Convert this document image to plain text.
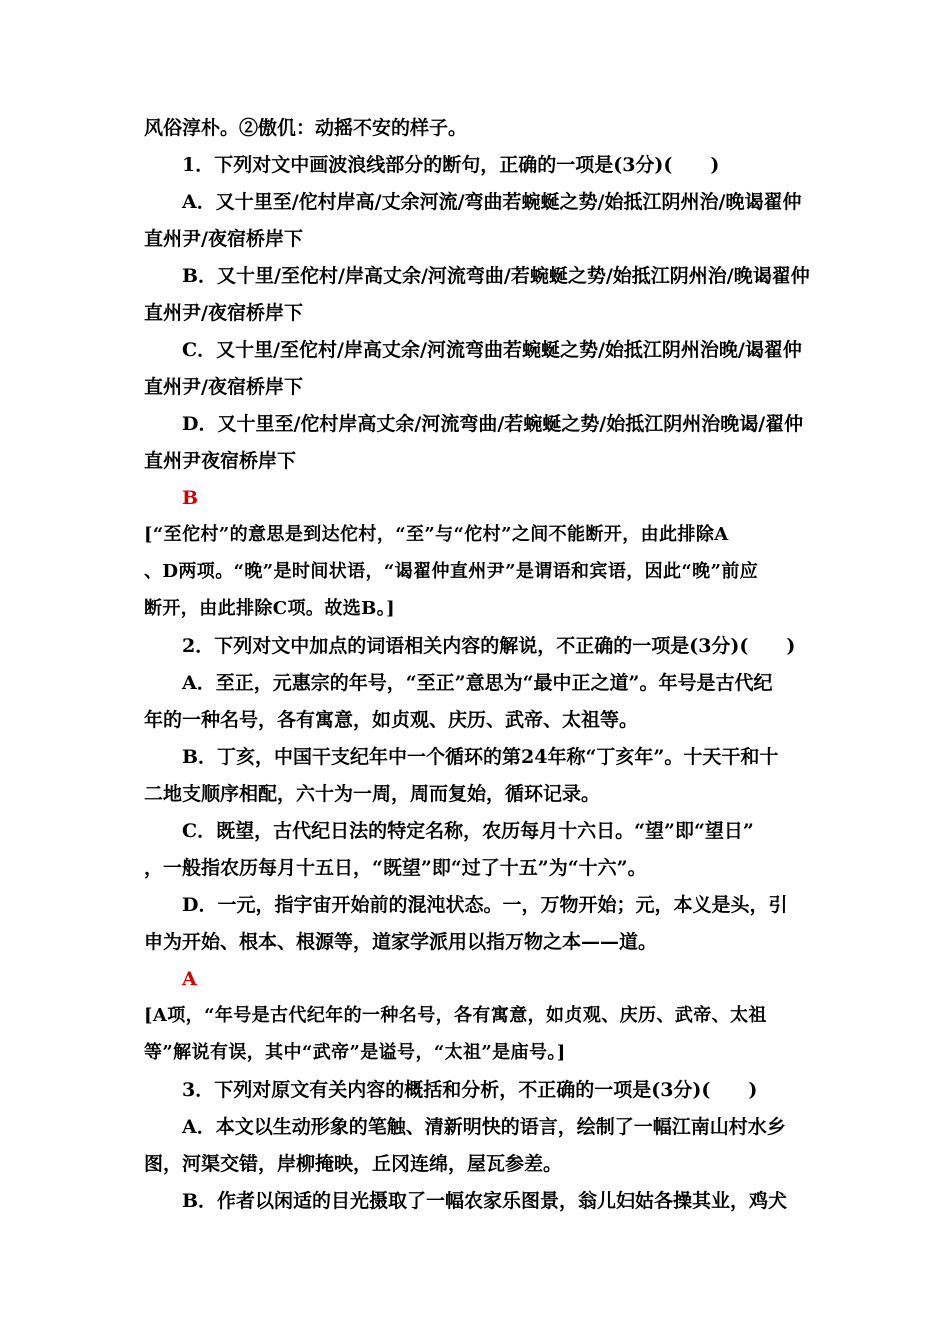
风俗淳朴。②傲仉：动摇不安的样子。
1．下列对文中画波浪线部分的断句，正确的一项是(3分)(　　)
A．又十里至/佗村岸高/丈余河流/弯曲若蜿蜒之势/始抵江阴州治/晚谒翟仲
直州尹/夜宿桥岸下
B．又十里/至佗村/岸高丈余/河流弯曲/若蜿蜒之势/始抵江阴州治/晚谒翟仲
直州尹/夜宿桥岸下
C．又十里/至佗村/岸高丈余/河流弯曲若蜿蜒之势/始抵江阴州治晚/谒翟仲
直州尹/夜宿桥岸下
D．又十里至/佗村岸高丈余/河流弯曲/若蜿蜒之势/始抵江阴州治晚谒/翟仲
直州尹夜宿桥岸下
B
[“至佗村”的意思是到达佗村，“至”与“佗村”之间不能断开，由此排除A
、D两项。“晚”是时间状语，“谒翟仲直州尹”是谓语和宾语，因此“晚”前应
断开，由此排除C项。故选B。]
2．下列对文中加点的词语相关内容的解说，不正确的一项是(3分)(　　)
A．至正，元惠宗的年号，“至正”意思为“最中正之道”。年号是古代纪
年的一种名号，各有寓意，如贞观、庆历、武帝、太祖等。
B．丁亥，中国干支纪年中一个循环的第24年称“丁亥年”。十天干和十
二地支顺序相配，六十为一周，周而复始，循环记录。
C．既望，古代纪日法的特定名称，农历每月十六日。“望”即“望日”
，一般指农历每月十五日，“既望”即“过了十五”为“十六”。
D．一元，指宇宙开始前的混沌状态。一，万物开始；元，本义是头，引
申为开始、根本、根源等，道家学派用以指万物之本——道。
A
[A项，“年号是古代纪年的一种名号，各有寓意，如贞观、庆历、武帝、太祖
等”解说有误，其中“武帝”是谥号，“太祖”是庙号。]
3．下列对原文有关内容的概括和分析，不正确的一项是(3分)(　　)
A．本文以生动形象的笔触、清新明快的语言，绘制了一幅江南山村水乡
图，河渠交错，岸柳掩映，丘冈连绵，屋瓦参差。
B．作者以闲适的目光摄取了一幅农家乐图景，翁儿妇姑各操其业，鸡犬
